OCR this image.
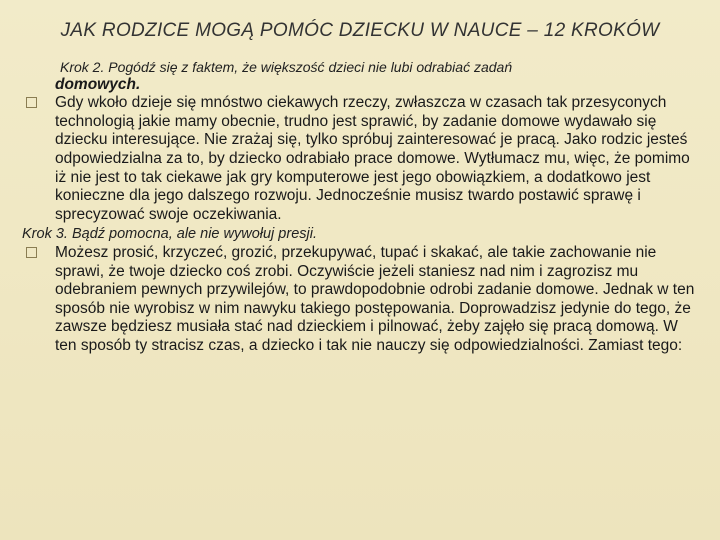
JAK RODZICE MOGĄ POMÓC DZIECKU W NAUCE – 12 KROKÓW
Krok 2. Pogódź się z faktem, że większość dzieci nie lubi odrabiać zadań
domowych.
Gdy wkoło dzieje się mnóstwo ciekawych rzeczy, zwłaszcza w czasach tak przesyconych technologią jakie mamy obecnie, trudno jest sprawić, by zadanie domowe wydawało się dziecku interesujące. Nie zrażaj się, tylko spróbuj zainteresować je pracą. Jako rodzic jesteś odpowiedzialna za to, by dziecko odrabiało prace domowe. Wytłumacz mu, więc, że pomimo iż nie jest to tak ciekawe jak gry komputerowe jest jego obowiązkiem, a dodatkowo jest konieczne dla jego dalszego rozwoju. Jednocześnie musisz twardo postawić sprawę i sprecyzować swoje oczekiwania.
Krok 3. Bądź pomocna, ale nie wywołuj presji.
Możesz prosić, krzyczeć, grozić, przekupywać, tupać i skakać, ale takie zachowanie nie sprawi, że twoje dziecko coś zrobi. Oczywiście jeżeli staniesz nad nim i zagrozisz mu odebraniem pewnych przywilejów, to prawdopodobnie odrobi zadanie domowe. Jednak w ten sposób nie wyrobisz w nim nawyku takiego postępowania. Doprowadzisz jedynie do tego, że zawsze będziesz musiała stać nad dzieckiem i pilnować, żeby zajęło się pracą domową. W ten sposób ty stracisz czas, a dziecko i tak nie nauczy się odpowiedzialności. Zamiast tego:
